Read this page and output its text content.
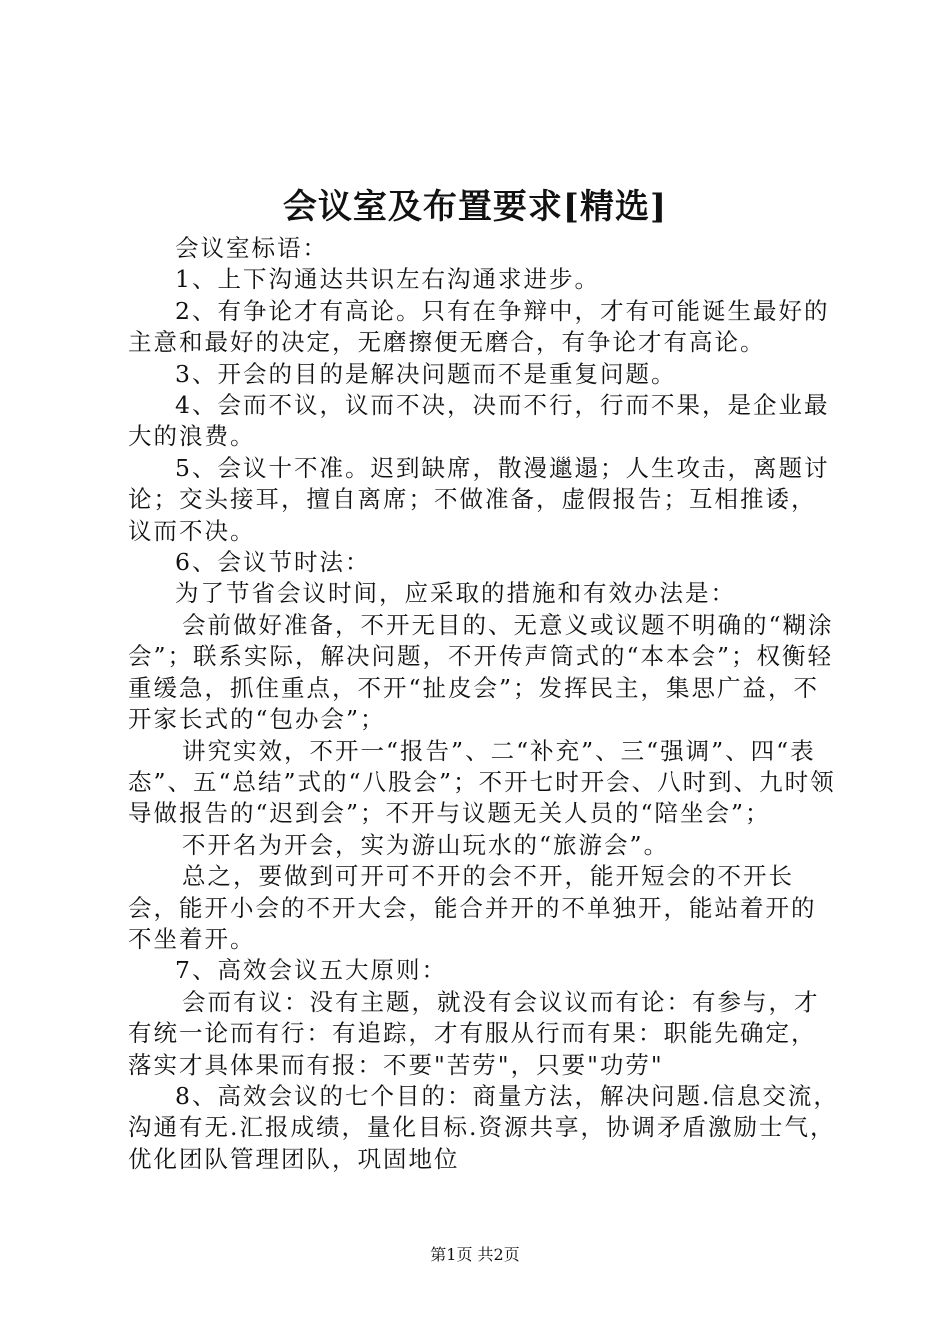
会议室及布置要求[精选]

会议室标语：

1、上下沟通达共识左右沟通求进步。

2、有争论才有高论。只有在争辩中，才有可能诞生最好的主意和最好的决定，无磨擦便无磨合，有争论才有高论。

3、开会的目的是解决问题而不是重复问题。

4、会而不议，议而不决，决而不行，行而不果，是企业最大的浪费。

5、会议十不准。迟到缺席，散漫邋遢；人生攻击，离题讨论；交头接耳，擅自离席；不做准备，虚假报告；互相推诿，议而不决。

6、会议节时法：

为了节省会议时间，应采取的措施和有效办法是：

会前做好准备，不开无目的、无意义或议题不明确的“糊涂会”；联系实际，解决问题，不开传声筒式的“本本会”；权衡轻重缓急，抓住重点，不开“扯皮会”；发挥民主，集思广益，不开家长式的“包办会”；

讲究实效，不开一“报告”、二“补充”、三“强调”、四“表态”、五“总结”式的“八股会”；不开七时开会、八时到、九时领导做报告的“迟到会”；不开与议题无关人员的“陪坐会”；

不开名为开会，实为游山玩水的“旅游会”。

总之，要做到可开可不开的会不开，能开短会的不开长会，能开小会的不开大会，能合并开的不单独开，能站着开的不坐着开。

7、高效会议五大原则：

会而有议：没有主题，就没有会议议而有论：有参与，才有统一论而有行：有追踪，才有服从行而有果：职能先确定，落实才具体果而有报：不要"苦劳"，只要"功劳"

8、高效会议的七个目的：商量方法，解决问题.信息交流，沟通有无.汇报成绩，量化目标.资源共享，协调矛盾激励士气，优化团队管理团队，巩固地位

第1页 共2页
